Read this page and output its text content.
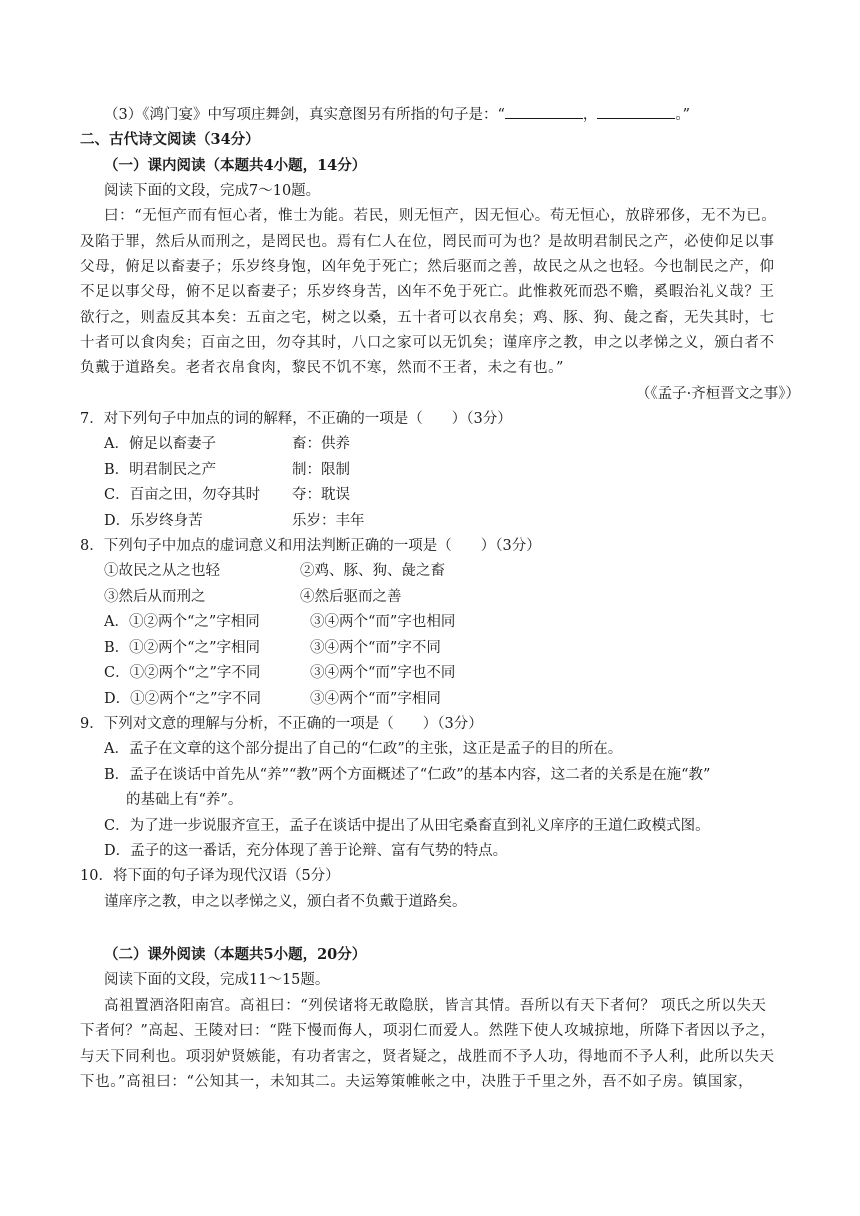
（3）《鸿门宴》中写项庄舞剑，真实意图另有所指的句子是：“	，	。”
二、古代诗文阅读（34分）
（一）课内阅读（本题共4小题，14分）
阅读下面的文段，完成7～10题。
曰：“无恒产而有恒心者，惟士为能。若民，则无恒产，因无恒心。苟无恒心，放辟邪侈，无不为已。
及陷于罪，然后从而刑之，是罔民也。焉有仁人在位，罔民而可为也？是故明君制民之产，必使仰足以事
父母，俯足以畜妻子；乐岁终身饱，凶年免于死亡；然后驱而之善，故民之从之也轻。今也制民之产，仰
不足以事父母，俯不足以畜妻子；乐岁终身苦，凶年不免于死亡。此惟救死而恐不赡，奚暇治礼义哉？王
欲行之，则盍反其本矣：五亩之宅，树之以桑，五十者可以衣帛矣；鸡、豚、狗、彘之畜，无失其时，七
十者可以食肉矣；百亩之田，勿夺其时，八口之家可以无饥矣；谨庠序之教，申之以孝悌之义，颁白者不
负戴于道路矣。老者衣帛食肉，黎民不饥不寒，然而不王者，未之有也。”
（《孟子·齐桓晋文之事》）
7．对下列句子中加点的词的解释，不正确的一项是（　　）（3分）
A．俯足以畜妻子	畜：供养
B．明君制民之产	制：限制
C．百亩之田，勿夺其时 夺：耽误
D．乐岁终身苦	乐岁：丰年
8．下列句子中加点的虚词意义和用法判断正确的一项是（　　）（3分）
①故民之从之也轻	②鸡、豚、狗、彘之畜
③然后从而刑之	④然后驱而之善
A．①②两个“之”字相同	③④两个“而”字也相同
B．①②两个“之”字相同	③④两个“而”字不同
C．①②两个“之”字不同	③④两个“而”字也不同
D．①②两个“之”字不同	③④两个“而”字相同
9．下列对文意的理解与分析，不正确的一项是（　　）（3分）
A．孟子在文章的这个部分提出了自己的“仁政”的主张，这正是孟子的目的所在。
B．孟子在谈话中首先从“养”“教”两个方面概述了“仁政”的基本内容，这二者的关系是在施“教”
的基础上有“养”。
C．为了进一步说服齐宣王，孟子在谈话中提出了从田宅桑畜直到礼义庠序的王道仁政模式图。
D．孟子的这一番话，充分体现了善于论辩、富有气势的特点。
10．将下面的句子译为现代汉语（5分）
谨庠序之教，申之以孝悌之义，颁白者不负戴于道路矣。
（二）课外阅读（本题共5小题，20分）
阅读下面的文段，完成11～15题。
高祖置酒洛阳南宫。高祖曰：“列侯诸将无敢隐朕，皆言其情。吾所以有天下者何？ 项氏之所以失天
下者何？”高起、王陵对曰：“陛下慢而侮人，项羽仁而爱人。然陛下使人攻城掠地，所降下者因以予之，
与天下同利也。项羽妒贤嫉能，有功者害之，贤者疑之，战胜而不予人功，得地而不予人利，此所以失天
下也。”高祖曰：“公知其一，未知其二。夫运筹策帷帐之中，决胜于千里之外，吾不如子房。镇国家，
